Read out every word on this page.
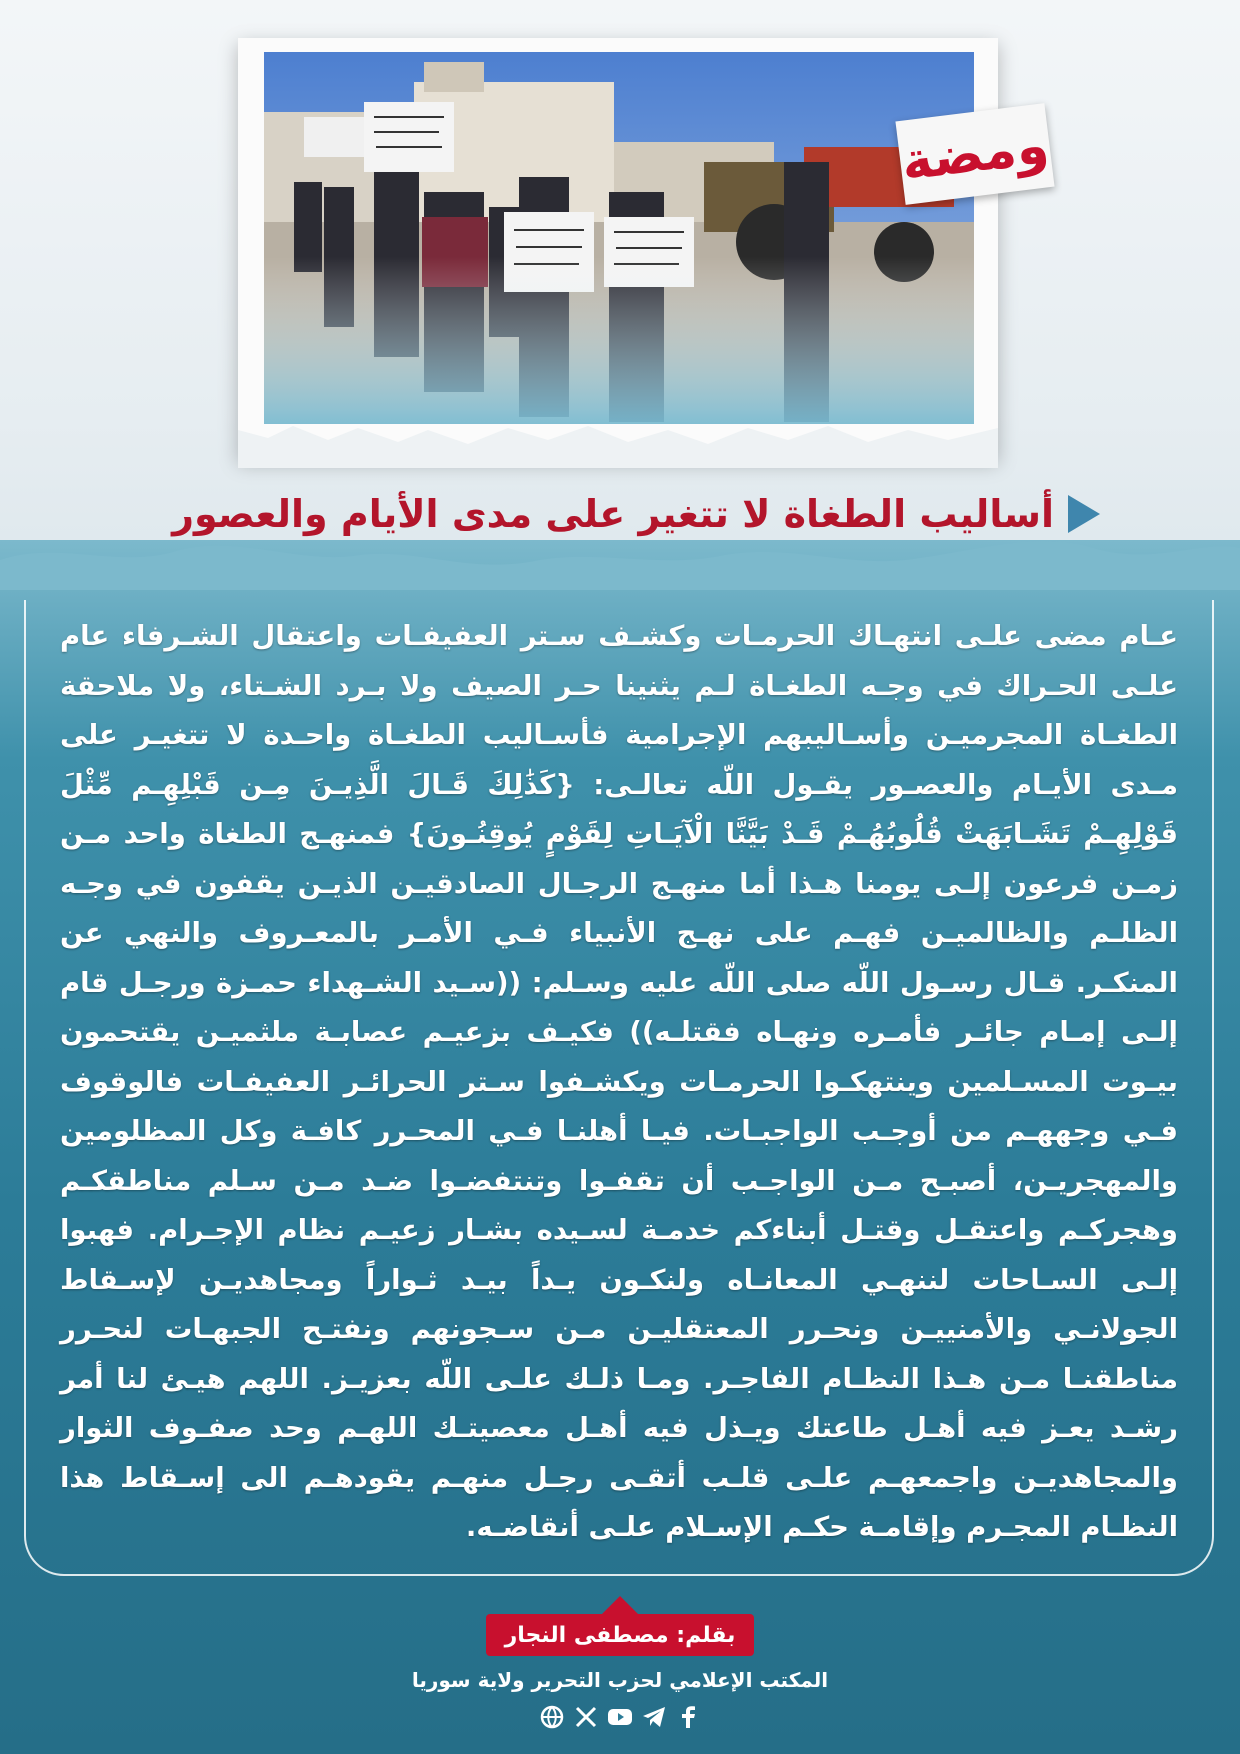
ومضة
أساليب الطغاة لا تتغير على مدى الأيام والعصور
عـام مضى علـى انتهـاك الحرمـات وكشـف سـتر العفيفـات واعتقال الشـرفاء عام علـى الحـراك في وجـه الطغـاة لـم يثنينا حـر الصيف ولا بـرد الشـتاء، ولا ملاحقة الطغـاة المجرميـن وأسـاليبهم الإجرامية فأسـاليب الطغـاة واحـدة لا تتغيـر على مـدى الأيـام والعصـور يقـول اللّه تعالـى: {كَذَٰلِكَ قَـالَ الَّذِيـنَ مِـن قَبْلِهِـم مِّثْلَ قَوْلِهِـمْ تَشَـابَهَتْ قُلُوبُهُـمْ قَـدْ بَيَّنَّا الْآيَـاتِ لِقَوْمٍ يُوقِنُـونَ} فمنهـج الطغاة واحد مـن زمـن فرعون إلـى يومنا هـذا أما منهـج الرجـال الصادقيـن الذيـن يقفون في وجـه الظلـم والظالميـن فهـم على نهـج الأنبياء فـي الأمـر بالمعـروف والنهي عن المنكـر. قـال رسـول اللّه صلى اللّه عليه وسـلم: ((سـيد الشـهداء حمـزة ورجـل قام إلـى إمـام جائـر فأمـره ونهـاه فقتلـه)) فكيـف بزعيـم عصابـة ملثميـن يقتحمون بيـوت المسـلمين وينتهكـوا الحرمـات ويكشـفوا سـتر الحرائـر العفيفـات فالوقوف فـي وجههـم من أوجـب الواجبـات. فيـا أهلنـا فـي المحـرر كافـة وكل المظلومين والمهجريـن، أصبـح مـن الواجـب أن تقفـوا وتنتفضـوا ضـد مـن سـلم مناطقكـم وهجركـم واعتقـل وقتـل أبناءكم خدمـة لسـيده بشـار زعيـم نظام الإجـرام. فهبوا إلـى السـاحات لننهـي المعانـاه ولنكـون يـداً بيـد ثـواراً ومجاهديـن لإسـقاط الجولانـي والأمنييـن ونحـرر المعتقليـن مـن سـجونهم ونفتـح الجبهـات لنحـرر مناطقنـا مـن هـذا النظـام الفاجـر. ومـا ذلـك علـى اللّه بعزيـز. اللهم هيـئ لنا أمر رشـد يعـز فيه أهـل طاعتك ويـذل فيه أهـل معصيتـك اللهـم وحد صفـوف الثوار والمجاهديـن واجمعهـم علـى قلـب أتقـى رجـل منهـم يقودهـم الى إسـقاط هذا النظـام المجـرم وإقامـة حكـم الإسـلام علـى أنقاضـه.
بقلم: مصطفى النجار
المكتب الإعلامي لحزب التحرير ولاية سوريا
